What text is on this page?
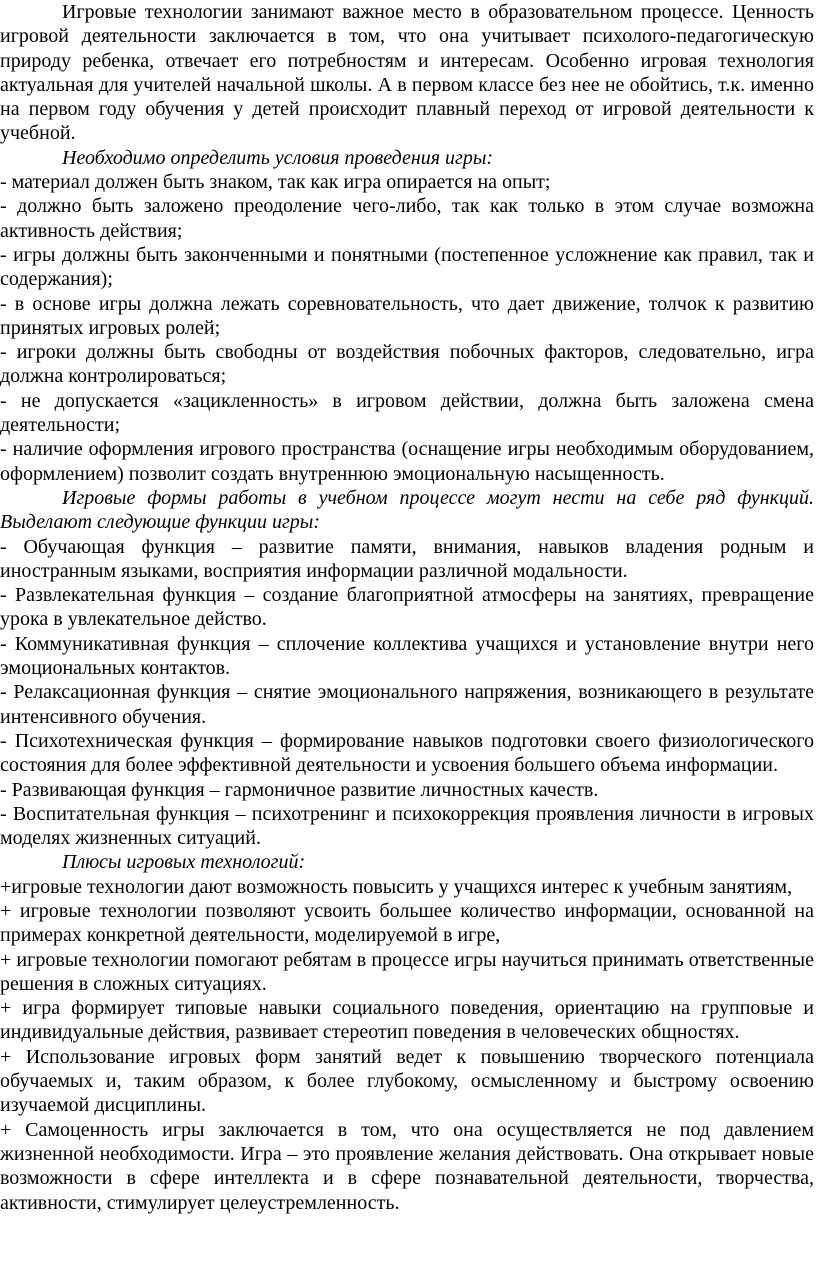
Игровые технологии занимают важное место в образовательном процессе. Ценность игровой деятельности заключается в том, что она учитывает психолого-педагогическую природу ребенка, отвечает его потребностям и интересам. Особенно игровая технология актуальная для учителей начальной школы. А в первом классе без нее не обойтись, т.к. именно на первом году обучения у детей происходит плавный переход от игровой деятельности к учебной.

Необходимо определить условия проведения игры:

- материал должен быть знаком, так как игра опирается на опыт;

- должно быть заложено преодоление чего-либо, так как только в этом случае возможна активность действия;

- игры должны быть законченными и понятными (постепенное усложнение как правил, так и содержания);

- в основе игры должна лежать соревновательность, что дает движение, толчок к развитию принятых игровых ролей;

- игроки должны быть свободны от воздействия побочных факторов, следовательно, игра должна контролироваться;

- не допускается «зацикленность» в игровом действии, должна быть заложена смена деятельности;

- наличие оформления игрового пространства (оснащение игры необходимым оборудованием, оформлением) позволит создать внутреннюю эмоциональную насыщенность.

Игровые формы работы в учебном процессе могут нести на себе ряд функций. Выделают следующие функции игры:

- Обучающая функция – развитие памяти, внимания, навыков владения родным и иностранным языками, восприятия информации различной модальности.

- Развлекательная функция – создание благоприятной атмосферы на занятиях, превращение урока в увлекательное действо.

- Коммуникативная функция – сплочение коллектива учащихся и установление внутри него эмоциональных контактов.

- Релаксационная функция – снятие эмоционального напряжения, возникающего в результате интенсивного обучения.

- Психотехническая функция – формирование навыков подготовки своего физиологического состояния для более эффективной деятельности и усвоения большего объема информации.

- Развивающая функция – гармоничное развитие личностных качеств.

- Воспитательная функция – психотренинг и психокоррекция проявления личности в игровых моделях жизненных ситуаций.

Плюсы игровых технологий:

+игровые технологии дают возможность повысить у учащихся интерес к учебным занятиям,

+ игровые технологии позволяют усвоить большее количество информации, основанной на примерах конкретной деятельности, моделируемой в игре,

+ игровые технологии помогают ребятам в процессе игры научиться принимать ответственные решения в сложных ситуациях.

+ игра формирует типовые навыки социального поведения, ориентацию на групповые и индивидуальные действия, развивает стереотип поведения в человеческих общностях.

+ Использование игровых форм занятий ведет к повышению творческого потенциала обучаемых и, таким образом, к более глубокому, осмысленному и быстрому освоению изучаемой дисциплины.

+ Самоценность игры заключается в том, что она осуществляется не под давлением жизненной необходимости. Игра – это проявление желания действовать. Она открывает новые возможности в сфере интеллекта и в сфере познавательной деятельности, творчества, активности, стимулирует целеустремленность.
